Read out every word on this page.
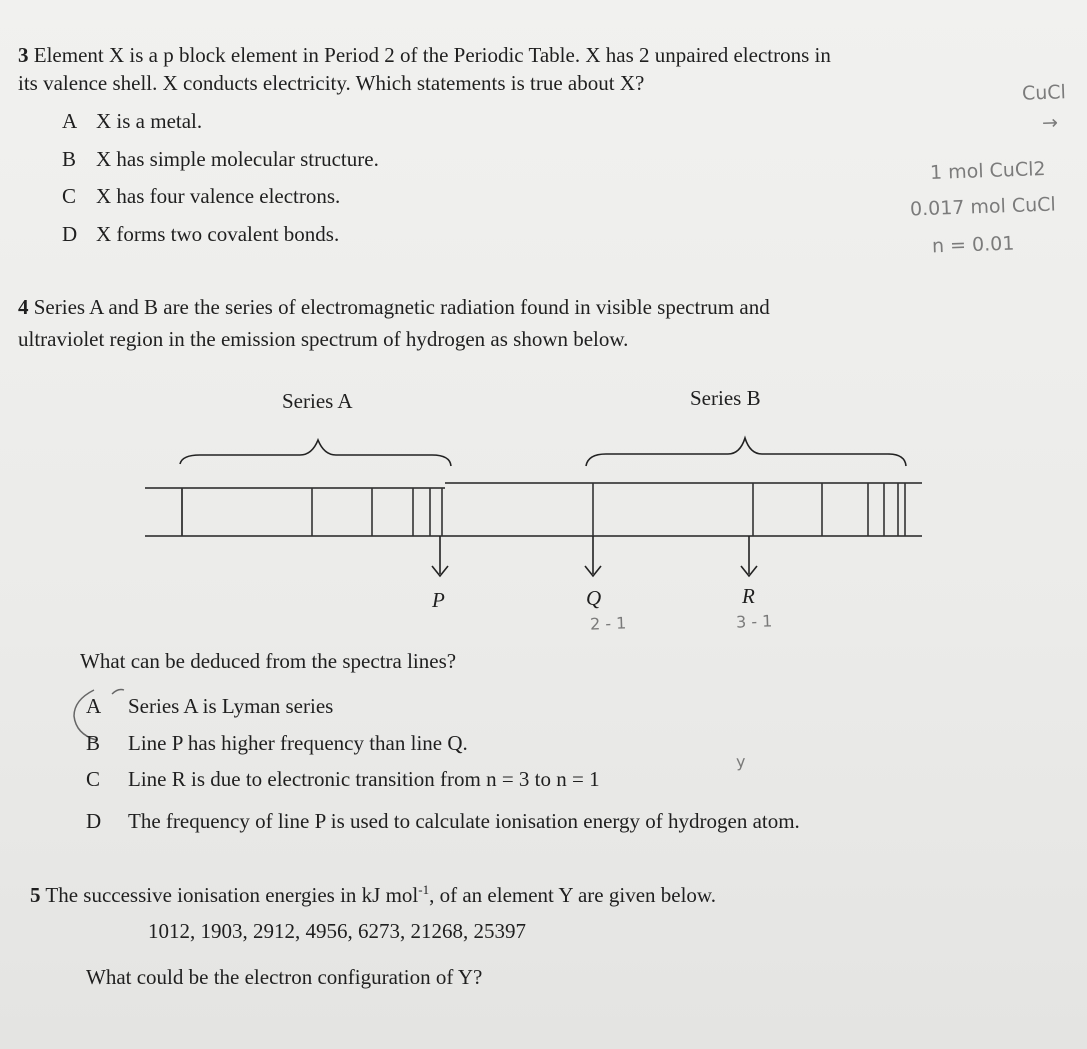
3 Element X is a p block element in Period 2 of the Periodic Table. X has 2 unpaired electrons in
its valence shell. X conducts electricity. Which statements is true about X?
A X is a metal.
B X has simple molecular structure.
C X has four valence electrons.
D X forms two covalent bonds.
4 Series A and B are the series of electromagnetic radiation found in visible spectrum and
ultraviolet region in the emission spectrum of hydrogen as shown below.
Series A	Series B
P	Q	R
What can be deduced from the spectra lines?
A Series A is Lyman series
B Line P has higher frequency than line Q.
C Line R is due to electronic transition from n = 3 to n = 1
D The frequency of line P is used to calculate ionisation energy of hydrogen atom.
5 The successive ionisation energies in kJ mol$^{-1}$, of an element Y are given below.
1012, 1903, 2912, 4956, 6273, 21268, 25397
What could be the electron configuration of Y?
CuCl
→
1 mol CuCl2
0.017 mol CuCl
n = 0.01
2 - 1	3 - 1
y
